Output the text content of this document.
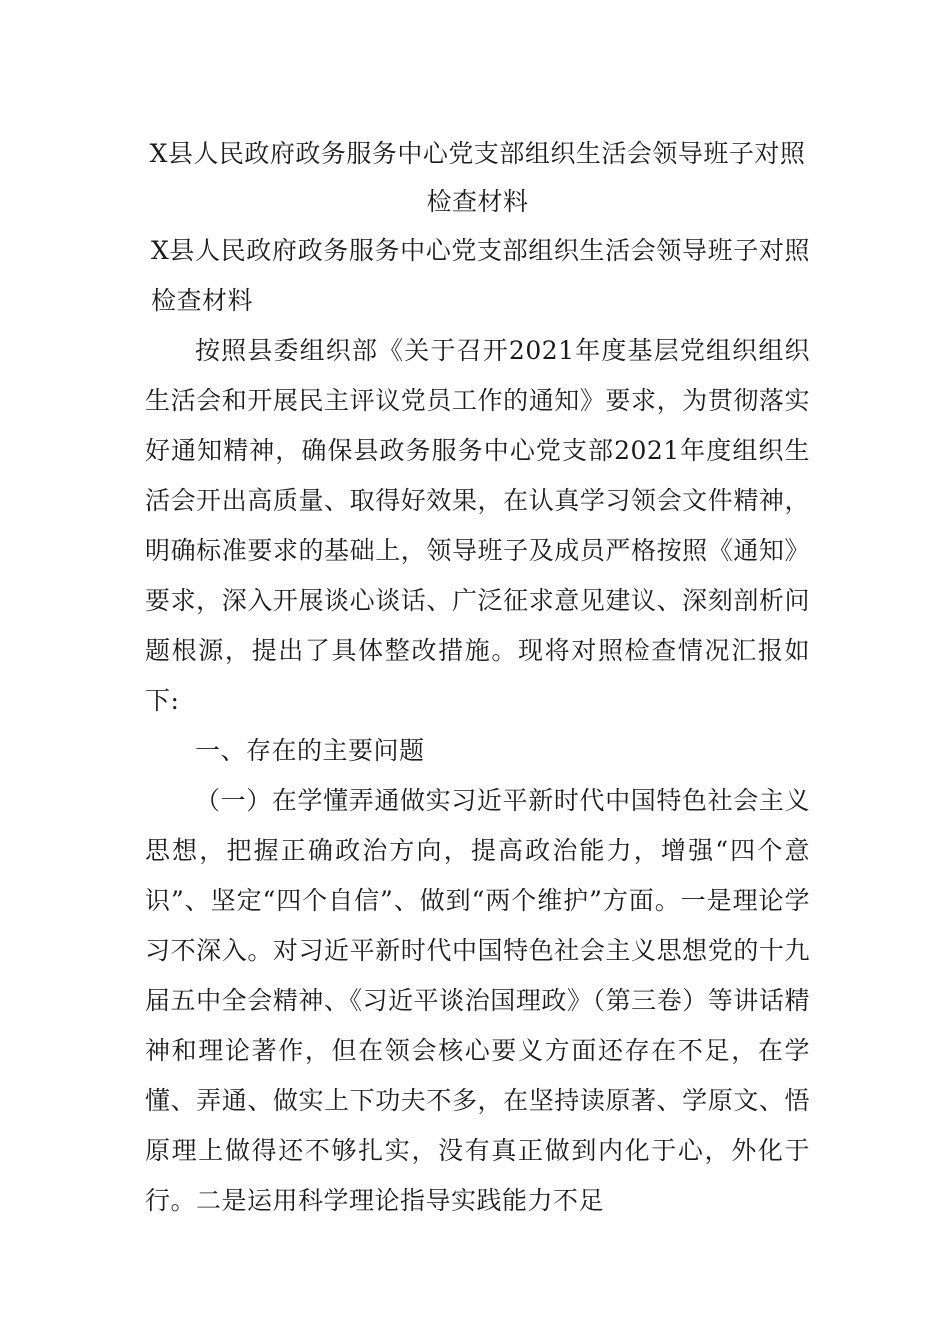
X县人民政府政务服务中心党支部组织生活会领导班子对照检查材料

X县人民政府政务服务中心党支部组织生活会领导班子对照检查材料

按照县委组织部《关于召开2021年度基层党组织组织生活会和开展民主评议党员工作的通知》要求，为贯彻落实好通知精神，确保县政务服务中心党支部2021年度组织生活会开出高质量、取得好效果，在认真学习领会文件精神，明确标准要求的基础上，领导班子及成员严格按照《通知》要求，深入开展谈心谈话、广泛征求意见建议、深刻剖析问题根源，提出了具体整改措施。现将对照检查情况汇报如下:

一、存在的主要问题

（一）在学懂弄通做实习近平新时代中国特色社会主义思想，把握正确政治方向，提高政治能力，增强“四个意识”、坚定“四个自信”、做到“两个维护”方面。一是理论学习不深入。对习近平新时代中国特色社会主义思想党的十九届五中全会精神、《习近平谈治国理政》（第三卷）等讲话精神和理论著作，但在领会核心要义方面还存在不足，在学懂、弄通、做实上下功夫不多，在坚持读原著、学原文、悟原理上做得还不够扎实，没有真正做到内化于心，外化于行。二是运用科学理论指导实践能力不足
